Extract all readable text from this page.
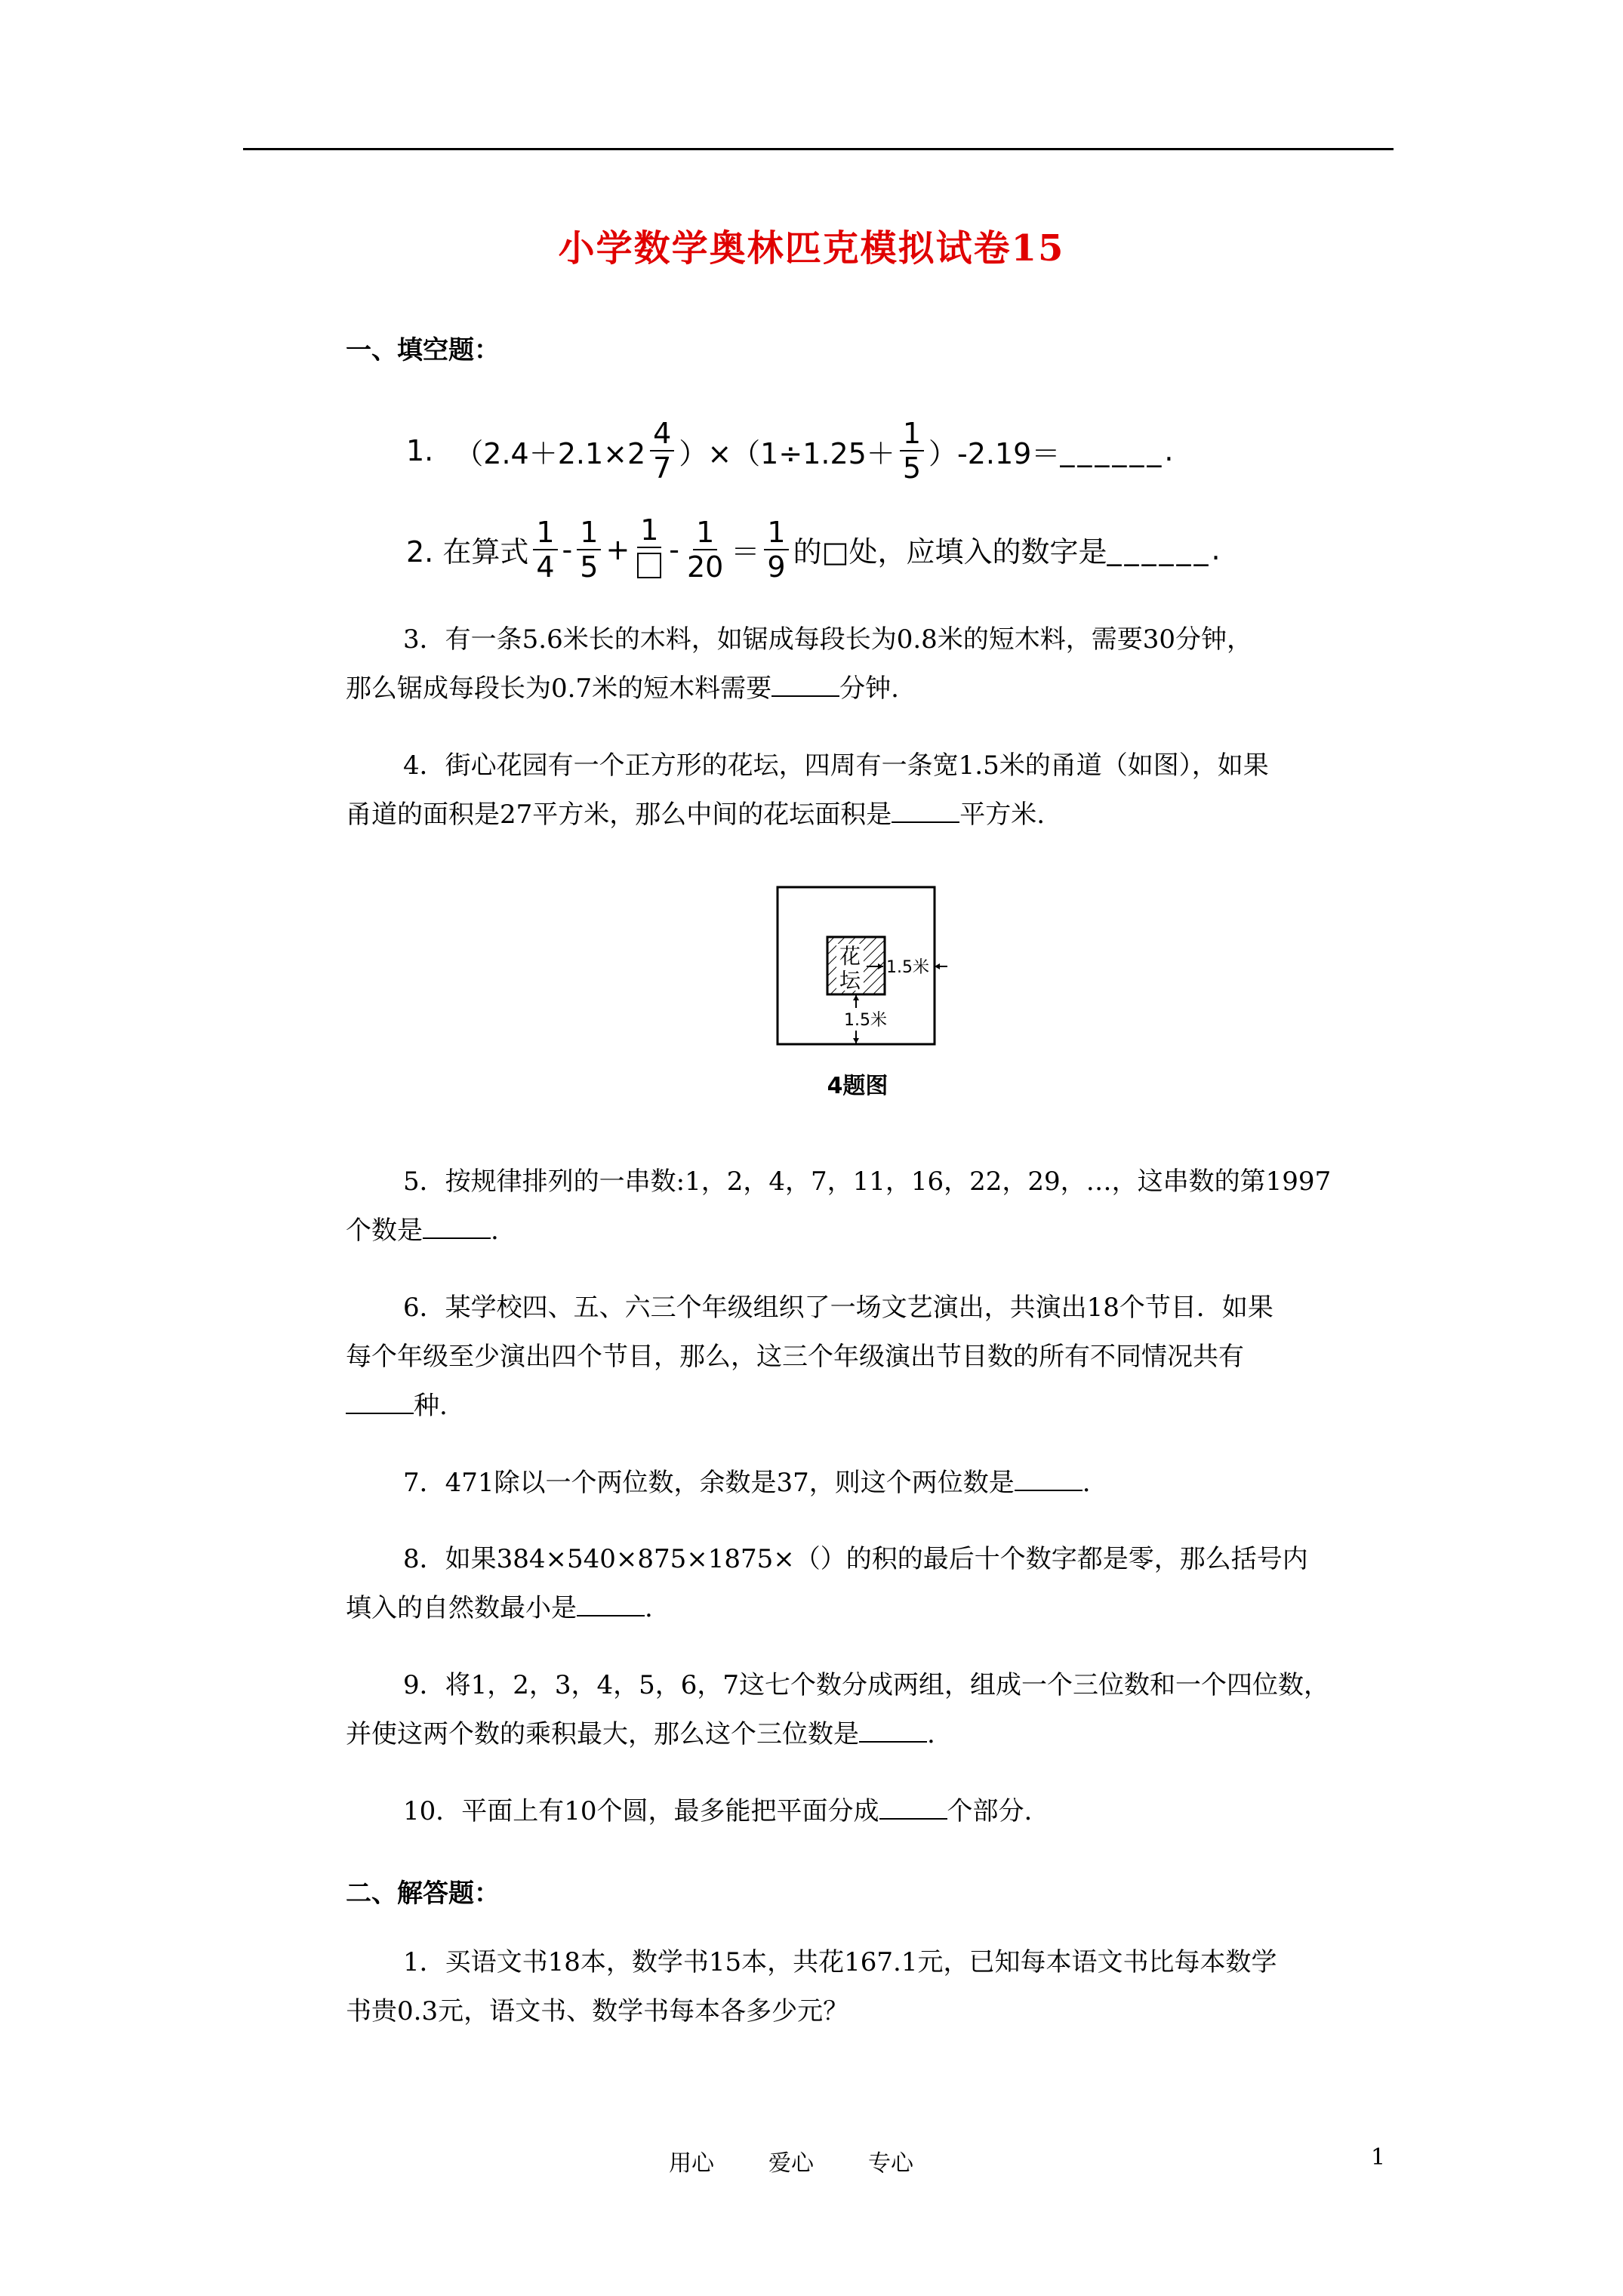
小学数学奥林匹克模拟试卷15
一、填空题：
1. $(2.4+2.1\times 2 \frac{4}{7} )\times(1\div 1.25+ \frac{1}{5} )-2.19=$ ______.
2. 在算式 $\frac{1}{4} - \frac{1}{5}$ +
1
- $\frac{1}{20} = \frac{1}{9}$ 的□处，应填入的数字是 ______.

3．有一条5.6米长的木料，如锯成每段长为0.8米的短木料，需要30分钟，

那么锯成每段长为0.7米的短木料需要	分钟.

4．街心花园有一个正方形的花坛，四周有一条宽1.5米的甬道（如图），如果

甬道的面积是27平方米，那么中间的花坛面积是	平方米.

花
坛
1.5米
1.5米
4题图

5．按规律排列的一串数:1，2，4，7，11，16，22，29，…，这串数的第1997

个数是	.

6．某学校四、五、六三个年级组织了一场文艺演出，共演出18个节目．如果

每个年级至少演出四个节目，那么，这三个年级演出节目数的所有不同情况共有

种.

7．471除以一个两位数，余数是37，则这个两位数是	.

8．如果384×540×875×1875×（）的积的最后十个数字都是零，那么括号内

填入的自然数最小是	.

9．将1，2，3，4，5，6，7这七个数分成两组，组成一个三位数和一个四位数，

并使这两个数的乘积最大，那么这个三位数是	.

10．平面上有10个圆，最多能把平面分成	个部分.

二、解答题：

1．买语文书18本，数学书15本，共花167.1元，已知每本语文书比每本数学

书贵0.3元，语文书、数学书每本各多少元？

用心 爱心 专心	1
